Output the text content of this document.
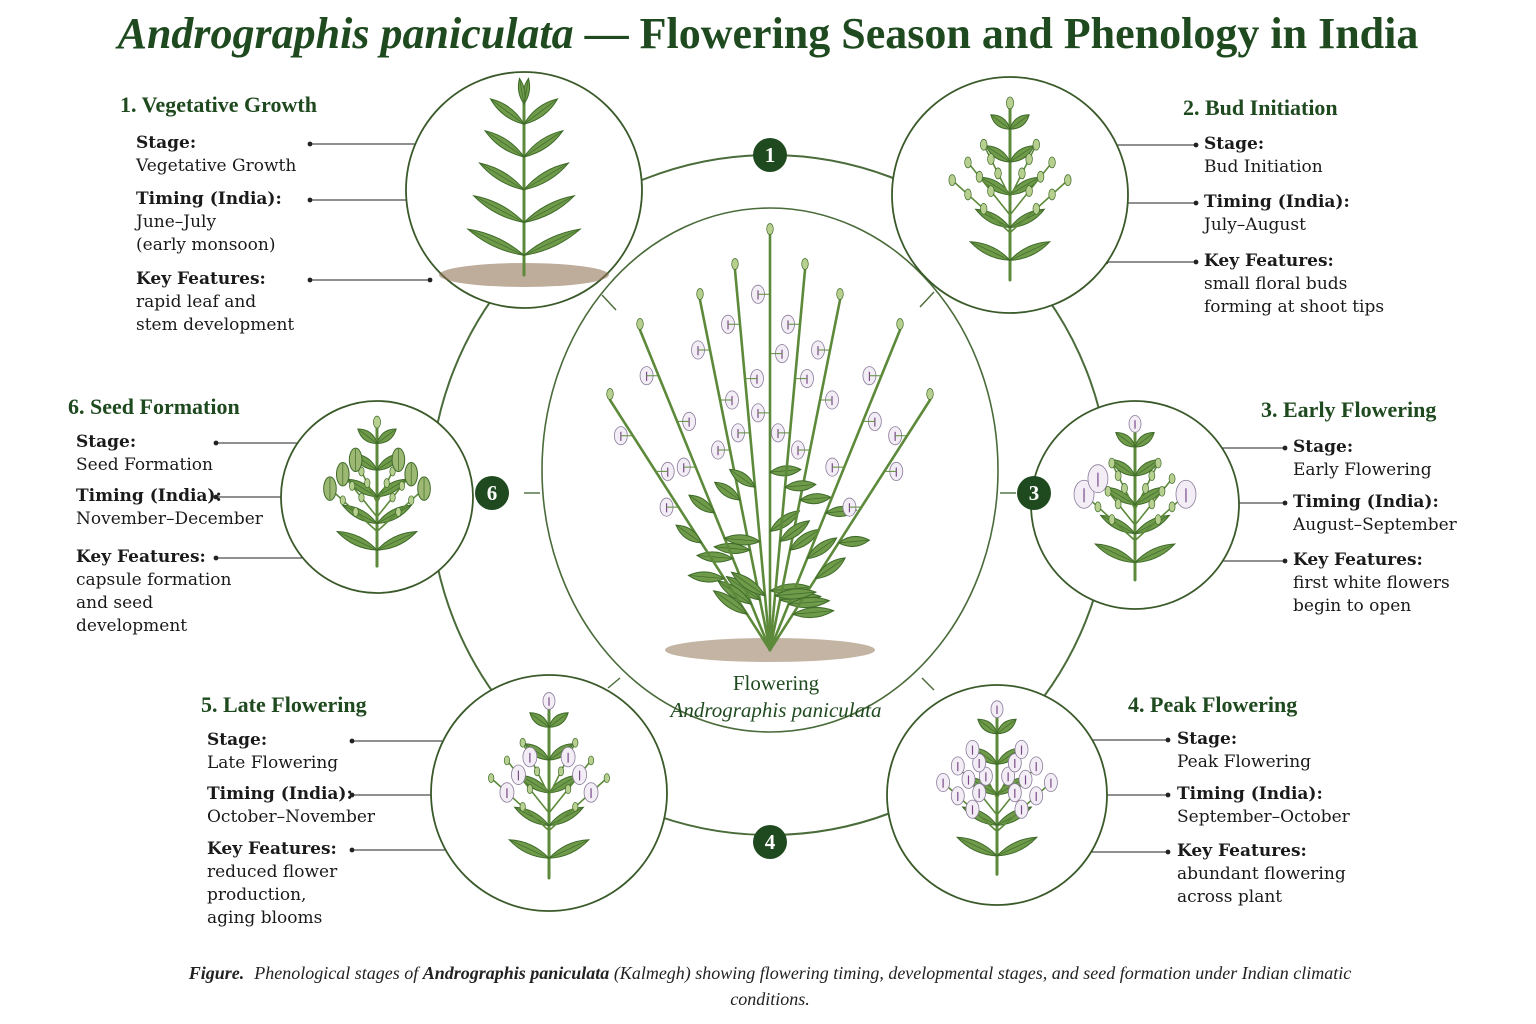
Andrographis paniculata — Flowering Season and Phenology in India
1
3
4
6
1. Vegetative Growth
Stage:
Vegetative Growth
Timing (India):
June–July
(early monsoon)
Key Features:
rapid leaf and
stem development
2. Bud Initiation
Stage:
Bud Initiation
Timing (India):
July–August
Key Features:
small floral buds
forming at shoot tips
3. Early Flowering
Stage:
Early Flowering
Timing (India):
August–September
Key Features:
first white flowers
begin to open
4. Peak Flowering
Stage:
Peak Flowering
Timing (India):
September–October
Key Features:
abundant flowering
across plant
5. Late Flowering
Stage:
Late Flowering
Timing (India):
October–November
Key Features:
reduced flower
production,
aging blooms
6. Seed Formation
Stage:
Seed Formation
Timing (India):
November–December
Key Features:
capsule formation
and seed
development
Flowering
Andrographis paniculata
Figure. Phenological stages of Andrographis paniculata (Kalmegh) showing flowering timing, developmental stages, and seed formation under Indian climatic conditions.
